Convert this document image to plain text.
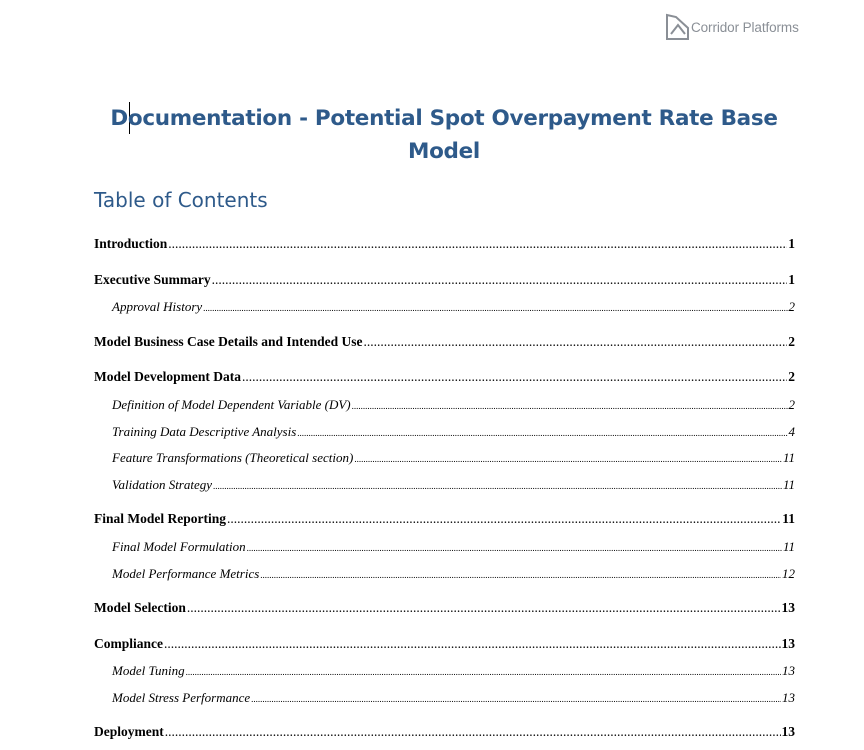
Corridor Platforms
Documentation - Potential Spot Overpayment Rate Base
Model
Table of Contents
Introduction .....	1
Executive Summary .....	1
Approval History .....	2
Model Business Case Details and Intended Use .....	2
Model Development Data .....	2
Definition of Model Dependent Variable (DV) .....	2
Training Data Descriptive Analysis .....	4
Feature Transformations (Theoretical section) .....	11
Validation Strategy .....	11
Final Model Reporting .....	11
Final Model Formulation .....	11
Model Performance Metrics .....	12
Model Selection .....	13
Compliance .....	13
Model Tuning .....	13
Model Stress Performance .....	13
Deployment .....	13
